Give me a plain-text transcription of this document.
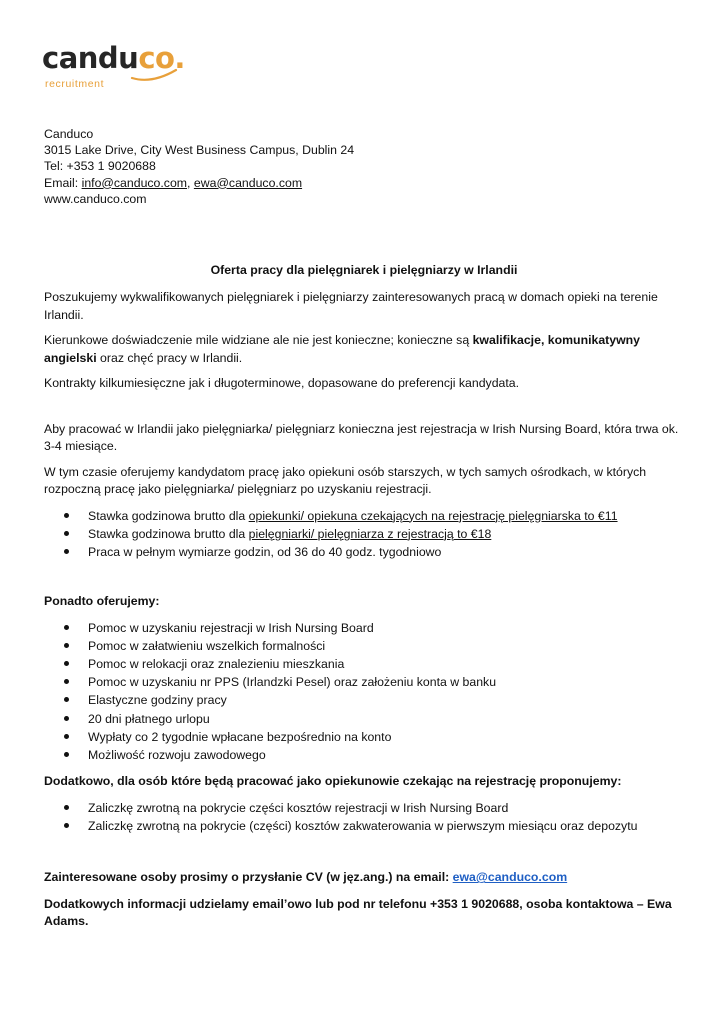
canduco.
recruitment

Canduco

3015 Lake Drive, City West Business Campus, Dublin 24

Tel: +353 1 9020688

Email: info@canduco.com, ewa@canduco.com

www.canduco.com

Oferta pracy dla pielęgniarek i pielęgniarzy w Irlandii

Poszukujemy wykwalifikowanych pielęgniarek i pielęgniarzy zainteresowanych pracą w domach opieki na terenie Irlandii.

Kierunkowe doświadczenie mile widziane ale nie jest konieczne; konieczne są kwalifikacje, komunikatywny angielski oraz chęć pracy w Irlandii.

Kontrakty kilkumiesięczne jak i długoterminowe, dopasowane do preferencji kandydata.

Aby pracować w Irlandii jako pielęgniarka/ pielęgniarz konieczna jest rejestracja w Irish Nursing Board, która trwa ok. 3-4 miesiące.

W tym czasie oferujemy kandydatom pracę jako opiekuni osób starszych, w tych samych ośrodkach, w których rozpoczną pracę jako pielęgniarka/ pielęgniarz po uzyskaniu rejestracji.

Stawka godzinowa brutto dla opiekunki/ opiekuna czekających na rejestrację pielęgniarska to €11
Stawka godzinowa brutto dla pielęgniarki/ pielęgniarza z rejestracją to €18
Praca w pełnym wymiarze godzin, od 36 do 40 godz. tygodniowo

Ponadto oferujemy:

Pomoc w uzyskaniu rejestracji w Irish Nursing Board
Pomoc w załatwieniu wszelkich formalności
Pomoc w relokacji oraz znalezieniu mieszkania
Pomoc w uzyskaniu nr PPS (Irlandzki Pesel) oraz założeniu konta w banku
Elastyczne godziny pracy
20 dni płatnego urlopu
Wypłaty co 2 tygodnie wpłacane bezpośrednio na konto
Możliwość rozwoju zawodowego

Dodatkowo, dla osób które będą pracować jako opiekunowie czekając na rejestrację proponujemy:

Zaliczkę zwrotną na pokrycie części kosztów rejestracji w Irish Nursing Board
Zaliczkę zwrotną na pokrycie (części) kosztów zakwaterowania w pierwszym miesiącu oraz depozytu

Zainteresowane osoby prosimy o przysłanie CV (w jęz.ang.) na email: ewa@canduco.com

Dodatkowych informacji udzielamy email’owo lub pod nr telefonu +353 1 9020688, osoba kontaktowa – Ewa Adams.
